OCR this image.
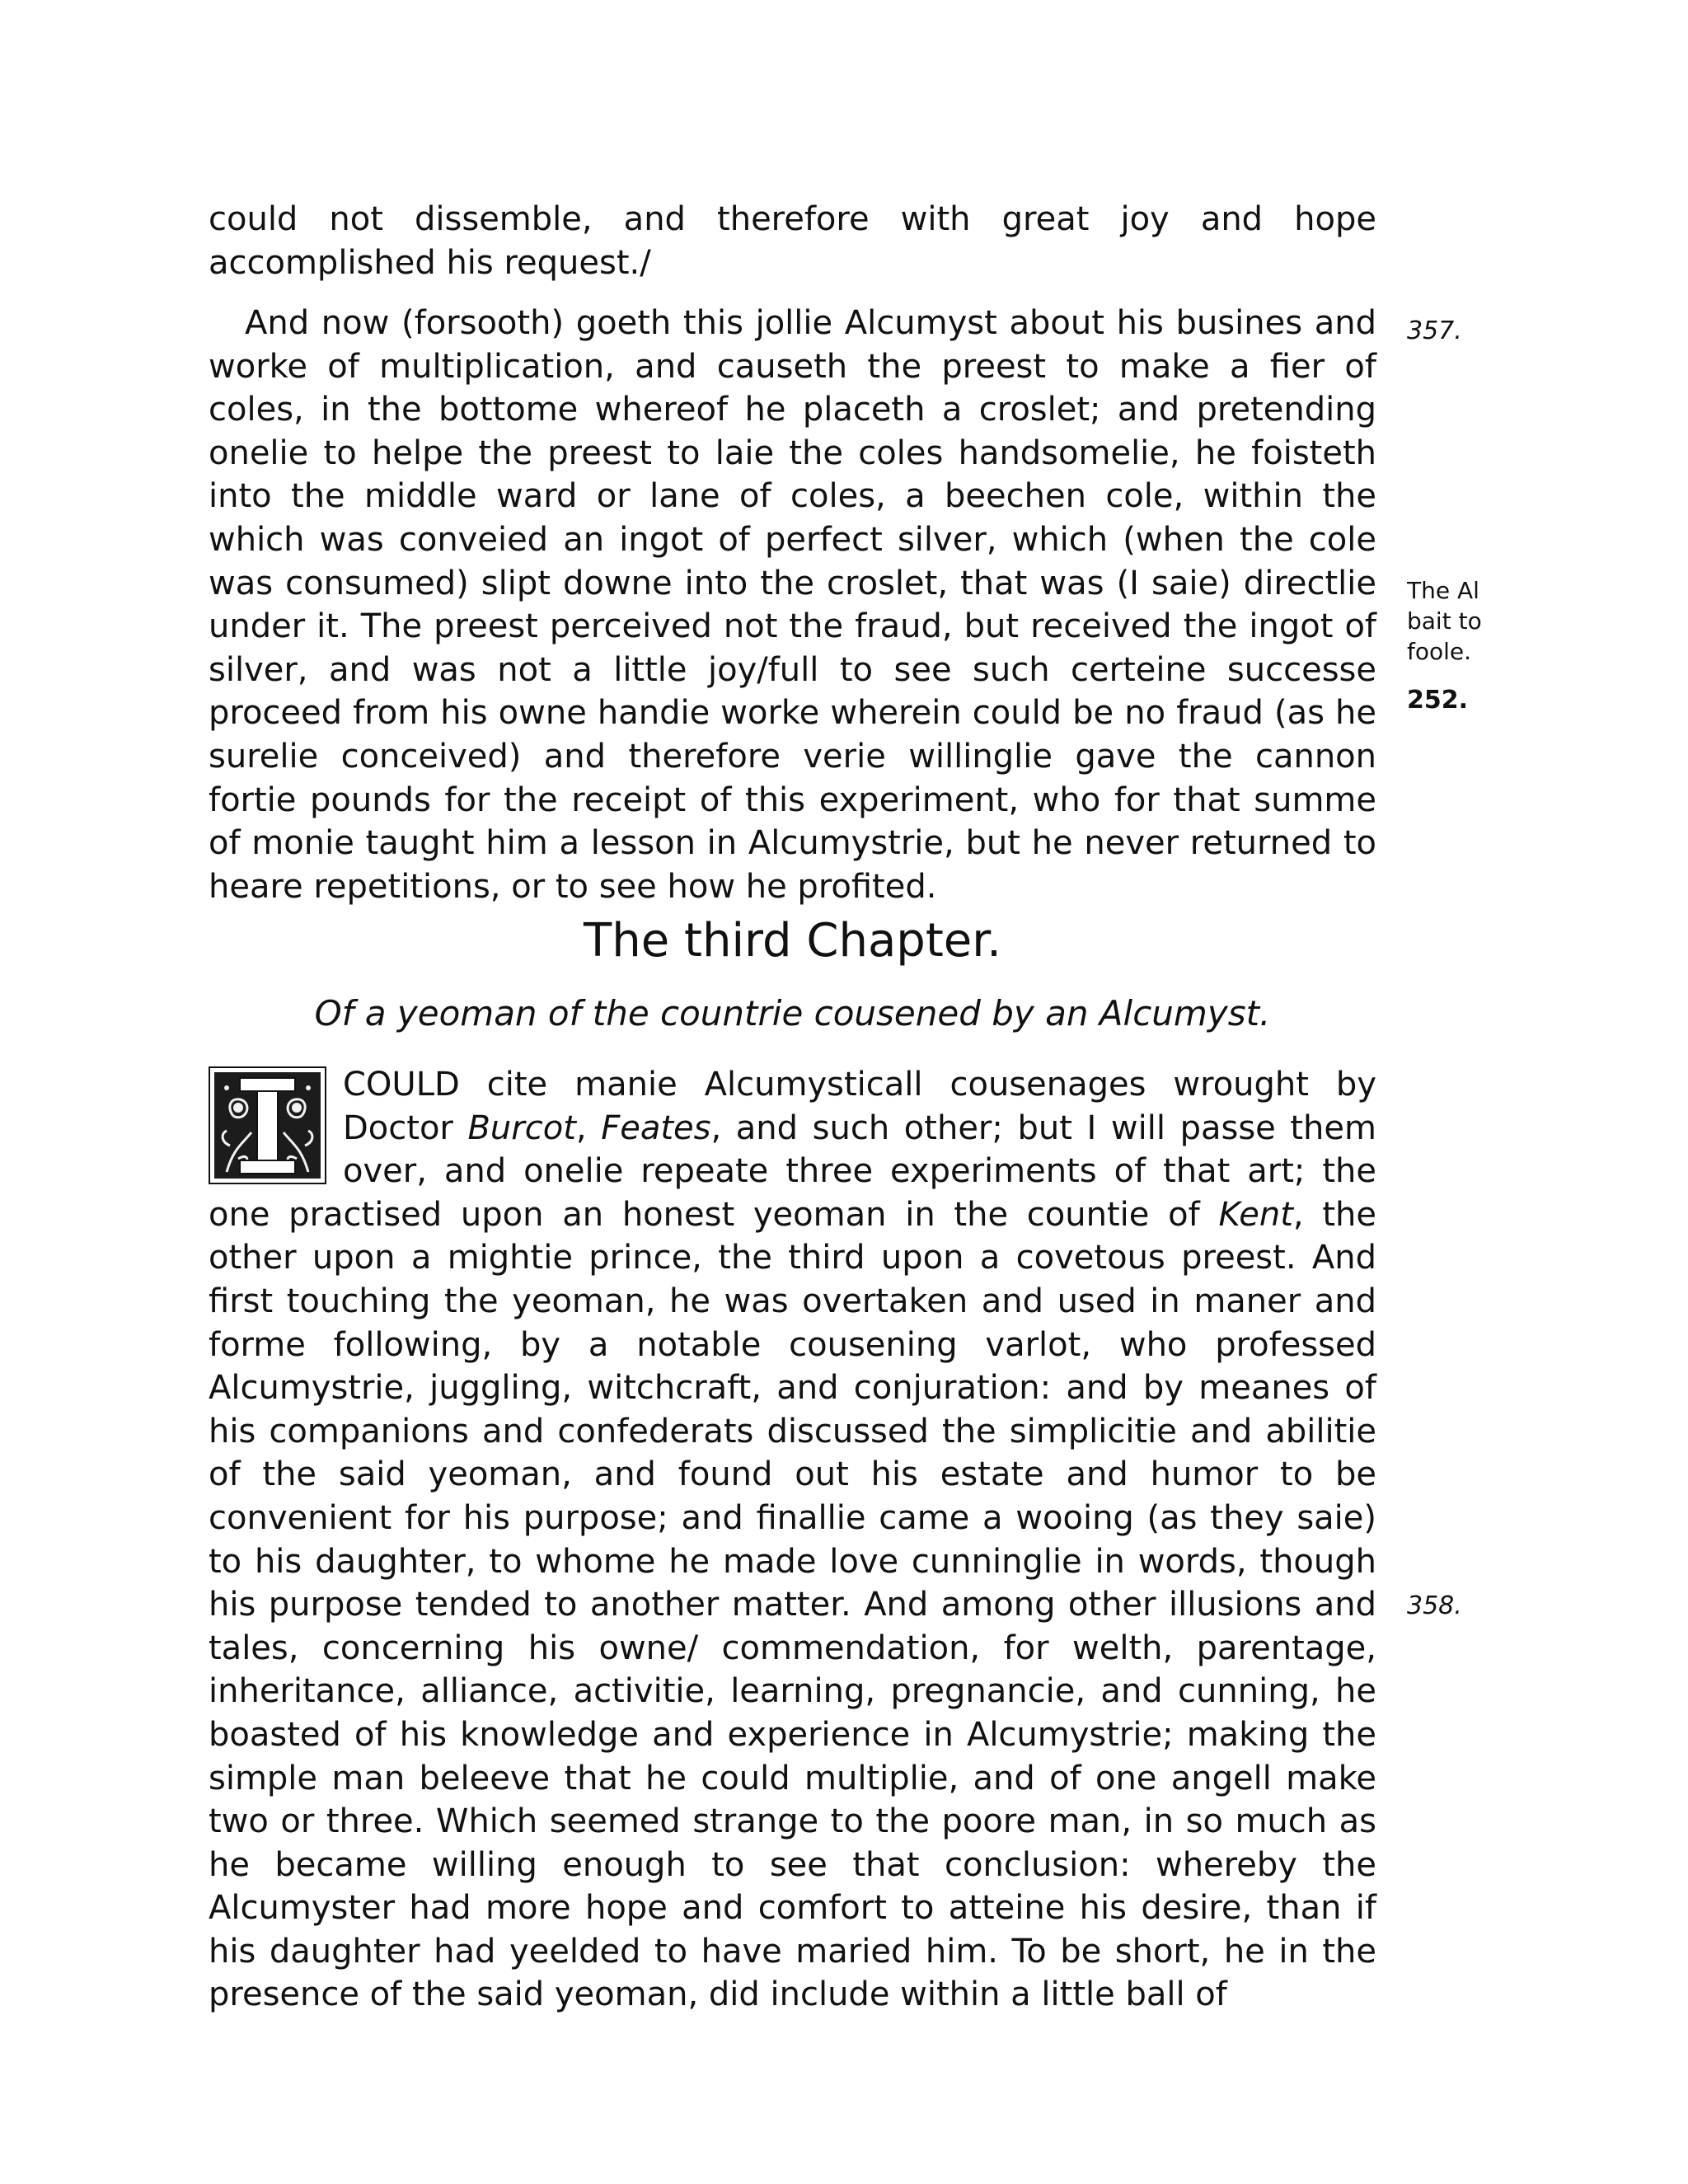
could not dissemble, and therefore with great joy and hope accomplished his request./

And now (forsooth) goeth this jollie Alcumyst about his busines and worke of multiplication, and causeth the preest to make a fier of coles, in the bottome whereof he placeth a croslet; and pretending onelie to helpe the preest to laie the coles handsomelie, he foisteth into the middle ward or lane of coles, a beechen cole, within the which was conveied an ingot of perfect silver, which (when the cole was consumed) slipt downe into the croslet, that was (I saie) directlie under it. The preest perceived not the fraud, but received the ingot of silver, and was not a little joy/full to see such certeine successe proceed from his owne handie worke wherein could be no fraud (as he surelie conceived) and therefore verie willinglie gave the cannon fortie pounds for the receipt of this experiment, who for that summe of monie taught him a lesson in Alcumystrie, but he never returned to heare repetitions, or to see how he profited.

The third Chapter.

Of a yeoman of the countrie cousened by an Alcumyst.

COULD cite manie Alcumysticall cousenages wrought by Doctor Burcot, Feates, and such other; but I will passe them over, and onelie repeate three experiments of that art; the one practised upon an honest yeoman in the countie of Kent, the other upon a mightie prince, the third upon a covetous preest. And first touching the yeoman, he was overtaken and used in maner and forme following, by a notable cousening varlot, who professed Alcumystrie, juggling, witchcraft, and conjuration: and by meanes of his companions and confederats discussed the simplicitie and abilitie of the said yeoman, and found out his estate and humor to be convenient for his purpose; and finallie came a wooing (as they saie) to his daughter, to whome he made love cunninglie in words, though his purpose tended to another matter. And among other illusions and tales, concerning his owne/ commendation, for welth, parentage, inheritance, alliance, activitie, learning, pregnancie, and cunning, he boasted of his knowledge and experience in Alcumystrie; making the simple man beleeve that he could multiplie, and of one angell make two or three. Which seemed strange to the poore man, in so much as he became willing enough to see that conclusion: whereby the Alcumyster had more hope and comfort to atteine his desire, than if his daughter had yeelded to have maried him. To be short, he in the presence of the said yeoman, did include within a little ball of

357.
The Al
bait to
foole.
252.
358.
